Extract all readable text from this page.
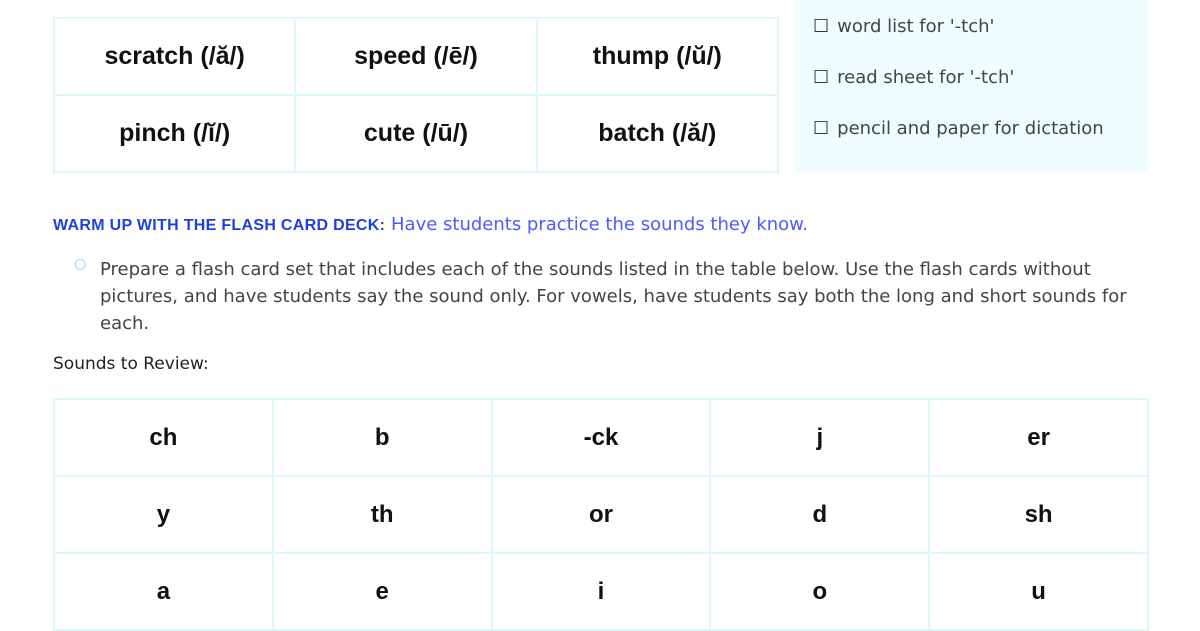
scratch (/ă/)	speed (/ē/)	thump (/ŭ/)
pinch (/ĭ/)	cute (/ū/)	batch (/ă/)
☐ word list for '-tch'
☐ read sheet for '-tch'
☐ pencil and paper for dictation
WARM UP WITH THE FLASH CARD DECK: Have students practice the sounds they know.
○ Prepare a flash card set that includes each of the sounds listed in the table below. Use the flash cards without pictures, and have students say the sound only. For vowels, have students say both the long and short sounds for each.
Sounds to Review:
ch	b	-ck	j	er
y	th	or	d	sh
a	e	i	o	u
